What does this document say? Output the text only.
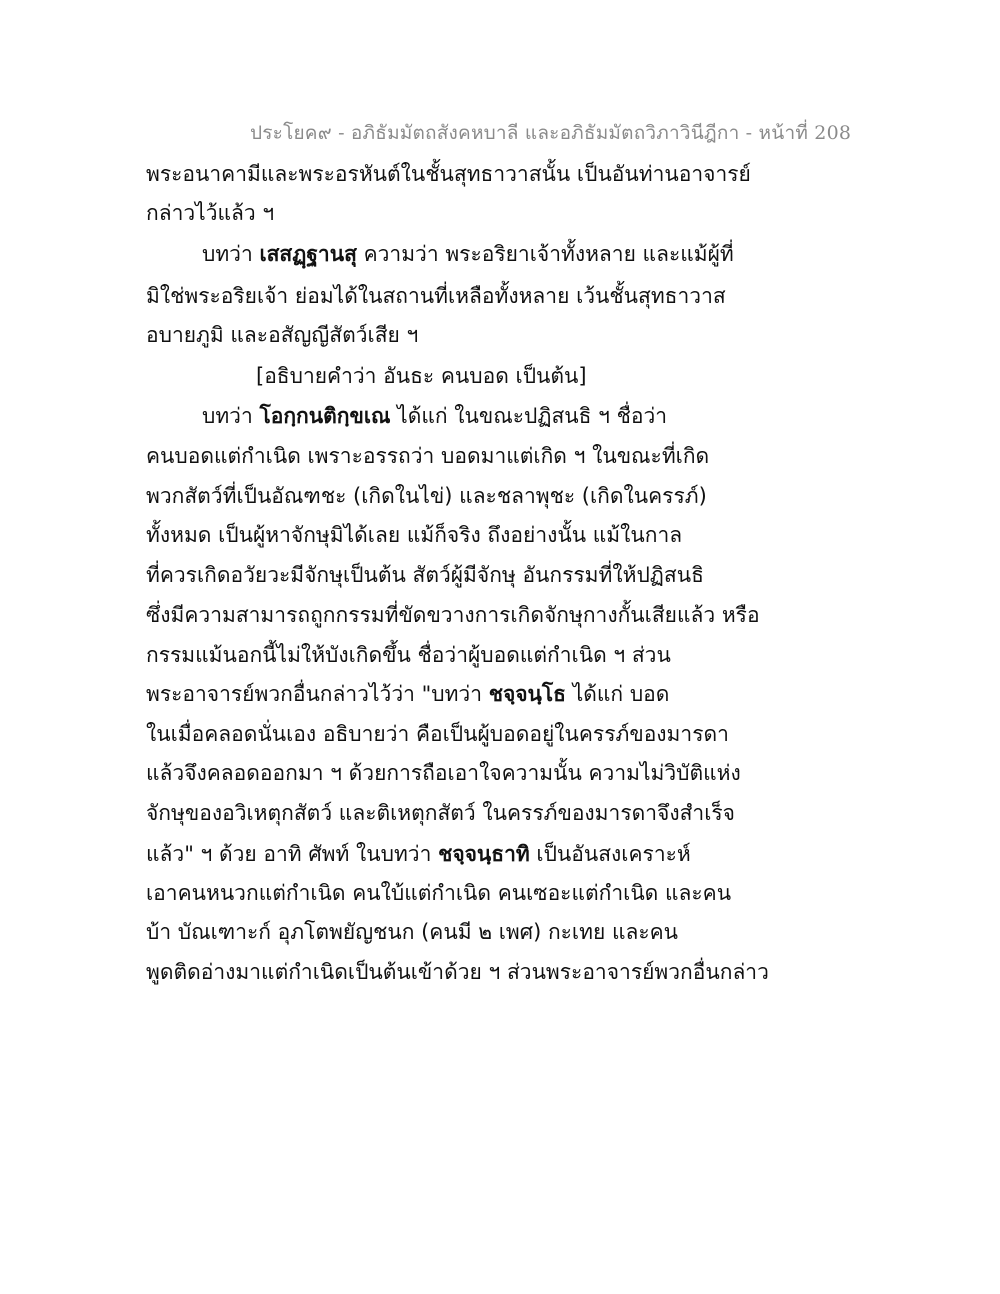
ประโยค๙ - อภิธัมมัตถสังคหบาลี และอภิธัมมัตถวิภาวินีฎีกา - หน้าที่ 208
พระอนาคามีและพระอรหันต์ในชั้นสุทธาวาสนั้น เป็นอันท่านอาจารย์
กล่าวไว้แล้ว ฯ
บทว่า เสสฏฺฐานสุ ความว่า พระอริยาเจ้าทั้งหลาย และแม้ผู้ที่
มิใช่พระอริยเจ้า ย่อมได้ในสถานที่เหลือทั้งหลาย เว้นชั้นสุทธาวาส
อบายภูมิ และอสัญญีสัตว์เสีย ฯ
[อธิบายคำว่า อันธะ คนบอด เป็นต้น]
บทว่า โอกฺกนติกฺขเณ ได้แก่ ในขณะปฏิสนธิ ฯ ชื่อว่า
คนบอดแต่กำเนิด เพราะอรรถว่า บอดมาแต่เกิด ฯ ในขณะที่เกิด
พวกสัตว์ที่เป็นอัณฑชะ (เกิดในไข่) และชลาพุชะ (เกิดในครรภ์)
ทั้งหมด เป็นผู้หาจักษุมิได้เลย แม้ก็จริง ถึงอย่างนั้น แม้ในกาล
ที่ควรเกิดอวัยวะมีจักษุเป็นต้น สัตว์ผู้มีจักษุ อันกรรมที่ให้ปฏิสนธิ
ซึ่งมีความสามารถถูกกรรมที่ขัดขวางการเกิดจักษุกางกั้นเสียแล้ว หรือ
กรรมแม้นอกนี้ไม่ให้บังเกิดขึ้น ชื่อว่าผู้บอดแต่กำเนิด ฯ ส่วน
พระอาจารย์พวกอื่นกล่าวไว้ว่า "บทว่า ชจฺจนฺโธ ได้แก่ บอด
ในเมื่อคลอดนั่นเอง อธิบายว่า คือเป็นผู้บอดอยู่ในครรภ์ของมารดา
แล้วจึงคลอดออกมา ฯ ด้วยการถือเอาใจความนั้น ความไม่วิบัติแห่ง
จักษุของอวิเหตุกสัตว์ และติเหตุกสัตว์ ในครรภ์ของมารดาจึงสำเร็จ
แล้ว" ฯ ด้วย อาทิ ศัพท์ ในบทว่า ชจฺจนฺธาทิ เป็นอันสงเคราะห์
เอาคนหนวกแต่กำเนิด คนใบ้แต่กำเนิด คนเซอะแต่กำเนิด และคน
บ้า บัณเฑาะก์ อุภโตพยัญชนก (คนมี ๒ เพศ) กะเทย และคน
พูดติดอ่างมาแต่กำเนิดเป็นต้นเข้าด้วย ฯ ส่วนพระอาจารย์พวกอื่นกล่าว
